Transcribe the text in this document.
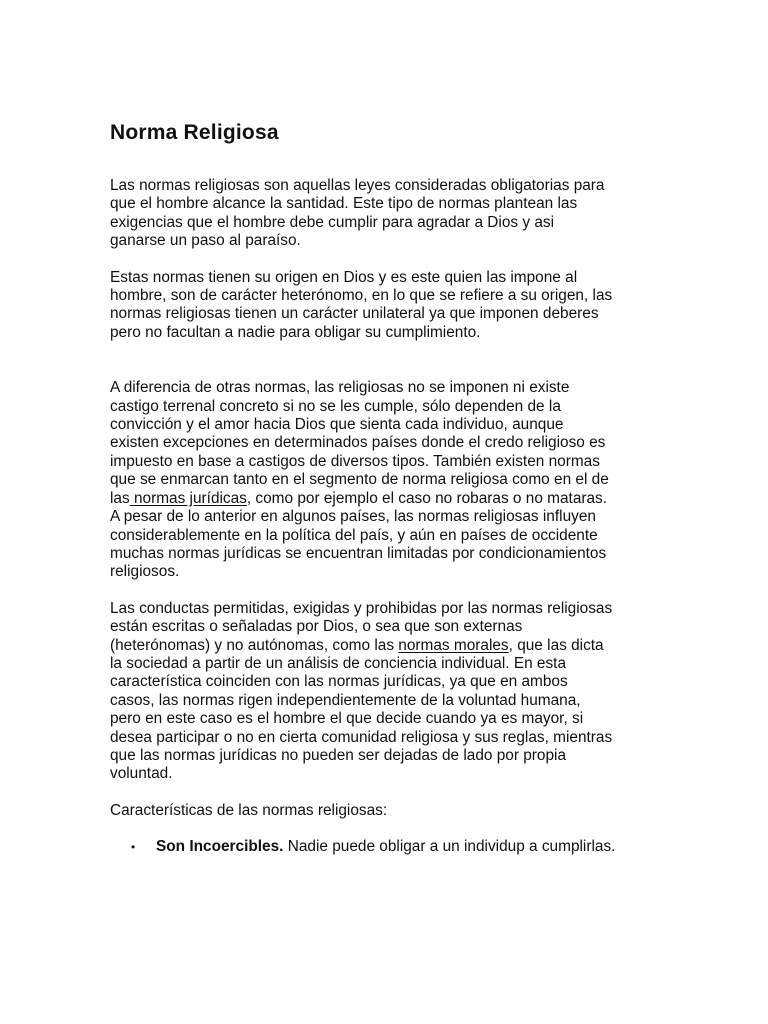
Norma Religiosa

Las normas religiosas son aquellas leyes consideradas obligatorias para
que el hombre alcance la santidad. Este tipo de normas plantean las
exigencias que el hombre debe cumplir para agradar a Dios y asi
ganarse un paso al paraíso.

Estas normas tienen su origen en Dios y es este quien las impone al
hombre, son de carácter heterónomo, en lo que se refiere a su origen, las
normas religiosas tienen un carácter unilateral ya que imponen deberes
pero no facultan a nadie para obligar su cumplimiento.

A diferencia de otras normas, las religiosas no se imponen ni existe
castigo terrenal concreto si no se les cumple, sólo dependen de la
convicción y el amor hacia Dios que sienta cada individuo, aunque
existen excepciones en determinados países donde el credo religioso es
impuesto en base a castigos de diversos tipos. También existen normas
que se enmarcan tanto en el segmento de norma religiosa como en el de
las normas jurídicas, como por ejemplo el caso no robaras o no mataras.
A pesar de lo anterior en algunos países, las normas religiosas influyen
considerablemente en la política del país, y aún en países de occidente
muchas normas jurídicas se encuentran limitadas por condicionamientos
religiosos.

Las conductas permitidas, exigidas y prohibidas por las normas religiosas
están escritas o señaladas por Dios, o sea que son externas
(heterónomas) y no autónomas, como las normas morales, que las dicta
la sociedad a partir de un análisis de conciencia individual. En esta
característica coinciden con las normas jurídicas, ya que en ambos
casos, las normas rigen independientemente de la voluntad humana,
pero en este caso es el hombre el que decide cuando ya es mayor, si
desea participar o no en cierta comunidad religiosa y sus reglas, mientras
que las normas jurídicas no pueden ser dejadas de lado por propia
voluntad.

Características de las normas religiosas:

• Son Incoercibles. Nadie puede obligar a un individup a cumplirlas.
